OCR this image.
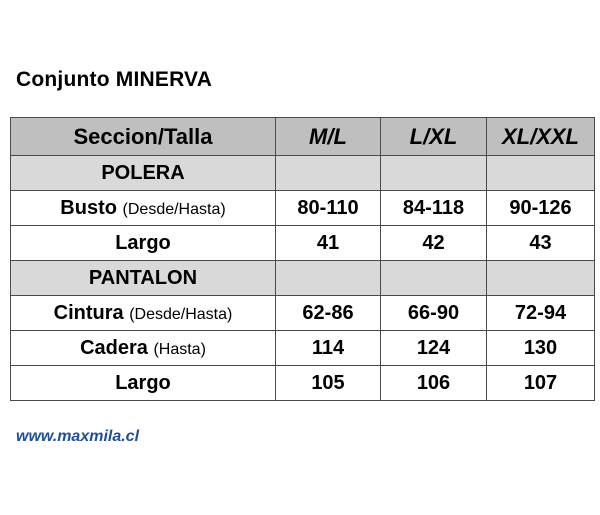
Conjunto MINERVA
Seccion/Talla	M/L	L/XL	XL/XXL
POLERA			
Busto (Desde/Hasta)	80-110	84-118	90-126
Largo	41	42	43
PANTALON			
Cintura (Desde/Hasta)	62-86	66-90	72-94
Cadera (Hasta)	114	124	130
Largo	105	106	107
www.maxmila.cl
